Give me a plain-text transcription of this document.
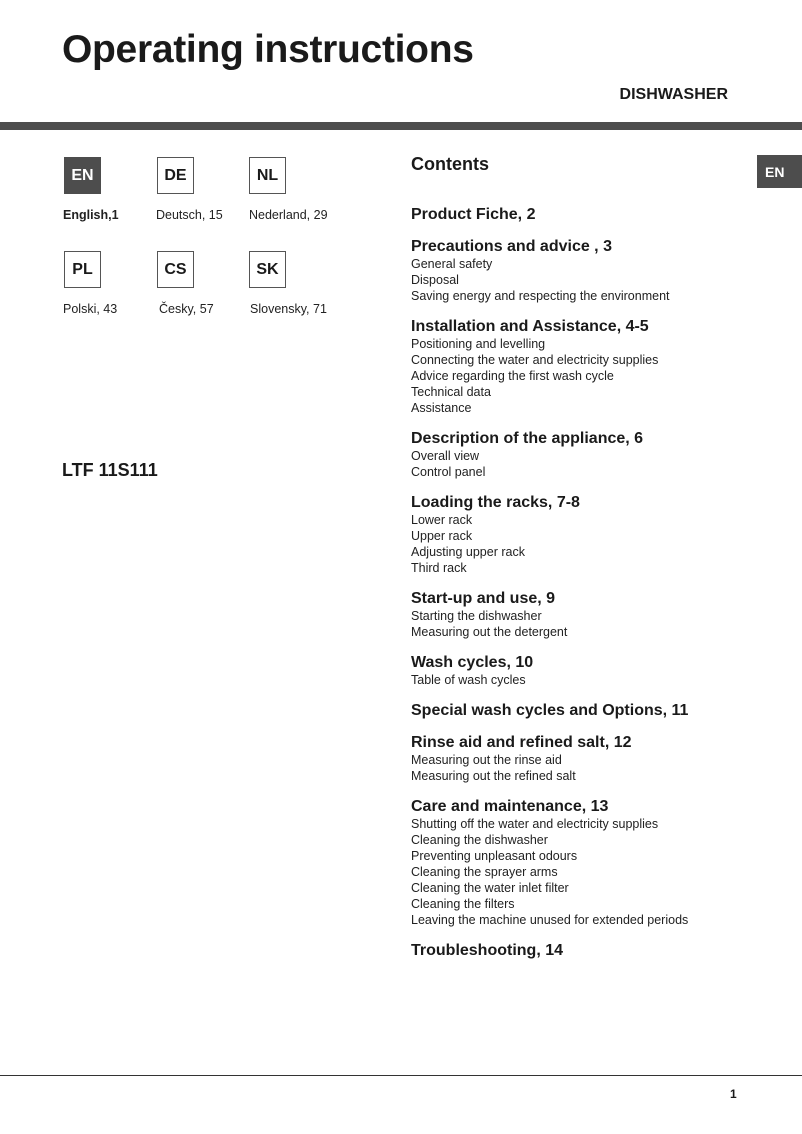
Operating instructions
DISHWASHER
EN
English,1
DE
Deutsch, 15
NL
Nederland, 29
PL
Polski, 43
CS
Česky, 57
SK
Slovensky, 71
LTF 11S111
EN
Contents
Product Fiche, 2
Precautions and advice , 3
General safety
Disposal
Saving energy and respecting the environment
Installation and Assistance, 4-5
Positioning and levelling
Connecting the water and electricity supplies
Advice regarding the first wash cycle
Technical data
Assistance
Description of the appliance, 6
Overall view
Control panel
Loading the racks, 7-8
Lower rack
Upper rack
Adjusting upper rack
Third rack
Start-up and use, 9
Starting the dishwasher
Measuring out the detergent
Wash cycles, 10
Table of wash cycles
Special wash cycles and Options, 11
Rinse aid and refined salt, 12
Measuring out the rinse aid
Measuring out the refined salt
Care and maintenance, 13
Shutting off the water and electricity supplies
Cleaning the dishwasher
Preventing unpleasant odours
Cleaning the sprayer arms
Cleaning the water inlet filter
Cleaning the filters
Leaving the machine unused for extended periods
Troubleshooting, 14
1
